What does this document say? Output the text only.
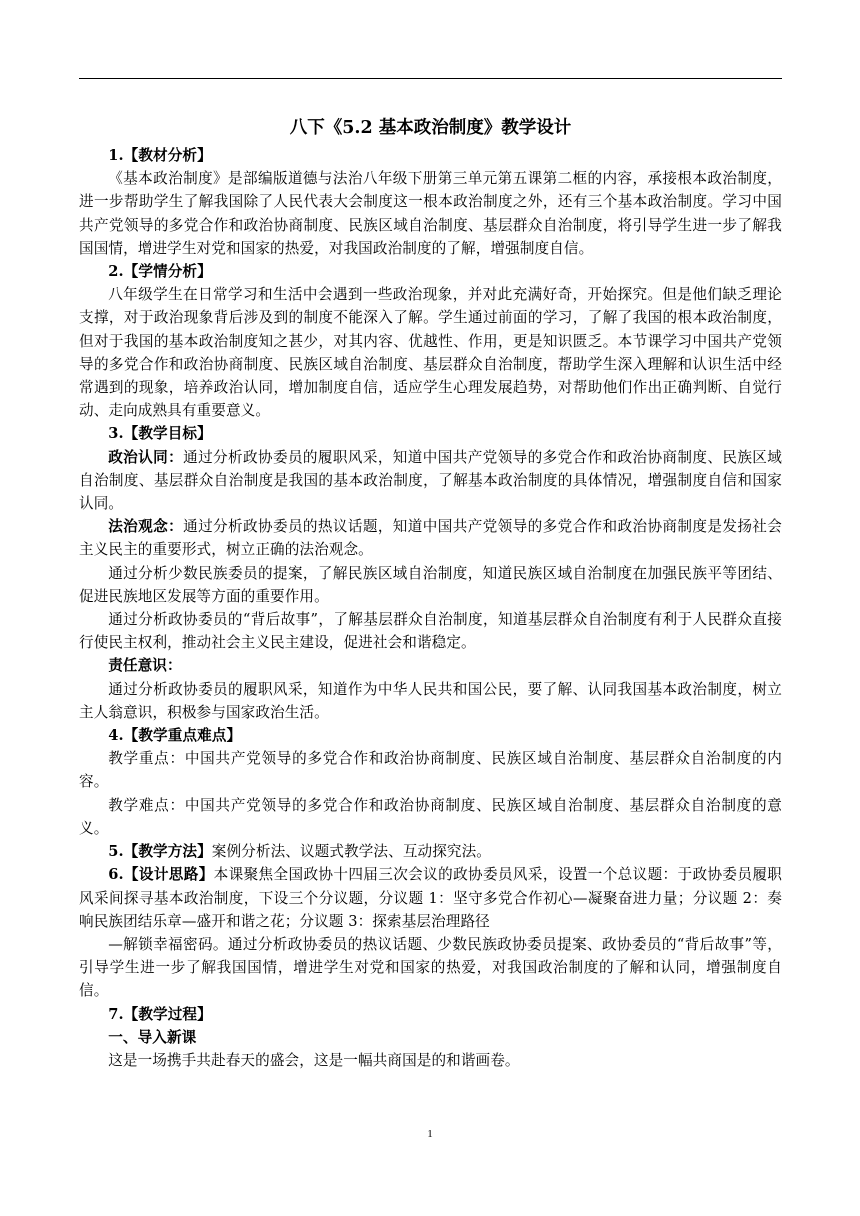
八下《5.2 基本政治制度》教学设计

1.【教材分析】

《基本政治制度》是部编版道德与法治八年级下册第三单元第五课第二框的内容，承接根本政治制度，进一步帮助学生了解我国除了人民代表大会制度这一根本政治制度之外，还有三个基本政治制度。学习中国共产党领导的多党合作和政治协商制度、民族区域自治制度、基层群众自治制度，将引导学生进一步了解我国国情，增进学生对党和国家的热爱，对我国政治制度的了解，增强制度自信。

2.【学情分析】

八年级学生在日常学习和生活中会遇到一些政治现象，并对此充满好奇，开始探究。但是他们缺乏理论支撑，对于政治现象背后涉及到的制度不能深入了解。学生通过前面的学习，了解了我国的根本政治制度，但对于我国的基本政治制度知之甚少，对其内容、优越性、作用，更是知识匮乏。本节课学习中国共产党领导的多党合作和政治协商制度、民族区域自治制度、基层群众自治制度，帮助学生深入理解和认识生活中经常遇到的现象，培养政治认同，增加制度自信，适应学生心理发展趋势，对帮助他们作出正确判断、自觉行动、走向成熟具有重要意义。

3.【教学目标】

政治认同：通过分析政协委员的履职风采，知道中国共产党领导的多党合作和政治协商制度、民族区域自治制度、基层群众自治制度是我国的基本政治制度，了解基本政治制度的具体情况，增强制度自信和国家认同。

法治观念：通过分析政协委员的热议话题，知道中国共产党领导的多党合作和政治协商制度是发扬社会主义民主的重要形式，树立正确的法治观念。

通过分析少数民族委员的提案，了解民族区域自治制度，知道民族区域自治制度在加强民族平等团结、促进民族地区发展等方面的重要作用。

通过分析政协委员的“背后故事”，了解基层群众自治制度，知道基层群众自治制度有利于人民群众直接行使民主权利，推动社会主义民主建设，促进社会和谐稳定。

责任意识：

通过分析政协委员的履职风采，知道作为中华人民共和国公民，要了解、认同我国基本政治制度，树立主人翁意识，积极参与国家政治生活。

4.【教学重点难点】

教学重点：中国共产党领导的多党合作和政治协商制度、民族区域自治制度、基层群众自治制度的内容。

教学难点：中国共产党领导的多党合作和政治协商制度、民族区域自治制度、基层群众自治制度的意义。

5.【教学方法】案例分析法、议题式教学法、互动探究法。

6.【设计思路】本课聚焦全国政协十四届三次会议的政协委员风采，设置一个总议题：于政协委员履职风采间探寻基本政治制度，下设三个分议题，分议题 1：坚守多党合作初心—凝聚奋进力量；分议题 2：奏响民族团结乐章—盛开和谐之花；分议题 3：探索基层治理路径

—解锁幸福密码。通过分析政协委员的热议话题、少数民族政协委员提案、政协委员的“背后故事”等，引导学生进一步了解我国国情，增进学生对党和国家的热爱，对我国政治制度的了解和认同，增强制度自信。

7.【教学过程】

一、导入新课

这是一场携手共赴春天的盛会，这是一幅共商国是的和谐画卷。

1
